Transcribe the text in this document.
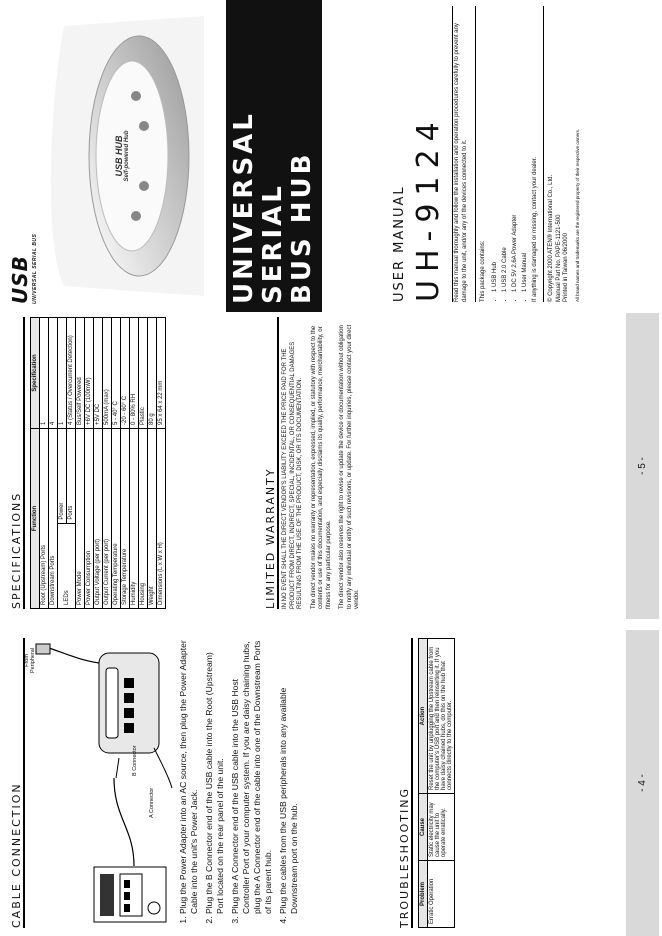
CABLE CONNECTION	A Connector
B Connector
From Peripheral	1. Plug the Power Adapter into an AC source, then plug the Power Adapter Cable into the unit's Power Jack. 2. Plug the B Connector end of the USB cable into the Root (Upstream) Port located on the rear panel of the unit. 3. Plug the A Connector end of the USB cable into the USB Host Controller Port of your computer system. If you are daisy chaining hubs, plug the A Connector end of the cable into one of the Downstream Ports of its parent hub. 4. Plug the cables from the USB peripherals into any available Downstream port on the hub.	TROUBLESHOOTING Problem	Cause	Action
Erratic Operation	Static electricity may cause the unit to operate erratically.	Reset the unit by unplugging the Upstream cable from the computer's USB port and then reinserting it. If you have daisy chained hubs, do this on the hub that connects directly to the computer.	- 4 -

SPECIFICATIONS Function		Specification
Root (Upstream) Ports		1
Downstream Ports		4
LEDs	Power	1
	Ports	4 (Status / Overcurrent Detection)
Power Mode		Bus/Self Powered
Power Consumption		+6V DC (100mW)
Output Voltage (per port)		+5V DC
Output Current (per port)		500mA (max)
Operating Temperature		5 - 40° C
Storage Temperature		-20 - 60° C
Humidity		0 - 80% RH
Housing		Plastic
Weight		80 g
Dimensions (L x W x H)		95 x 64 x 22 mm

LIMITED WARRANTY IN NO EVENT SHALL THE DIRECT VENDOR'S LIABILITY EXCEED THE PRICE PAID FOR THE PRODUCT FROM DIRECT, INDIRECT, SPECIAL, INCIDENTAL, OR CONSEQUENTIAL DAMAGES RESULTING FROM THE USE OF THE PRODUCT, DISK, OR ITS DOCUMENTATION. The direct vendor makes no warranty or representation, expressed, implied, or statutory with respect to the contents or use of this documentation, and especially disclaims its quality, performance, merchantability, or fitness for any particular purpose. The direct vendor also reserves the right to revise or update the device or documentation without obligation to notify any individual or entity of such revisions, or update. For further inquiries, please contact your direct vendor.

- 5 -
USB UNIVERSAL SERIAL BUS
USB HUB Self-powered Hub	UNIVERSAL SERIAL BUS HUB	USER MANUAL UH-9124 Read this manual thoroughly and follow the installation and operation procedures carefully to prevent any damage to the unit, and/or any of the devices connected to it. This package contains: • 1 USB Hub • 1 USB 2.0 Cable • 1 DC 5V 2.6A Power Adapter • 1 User Manual If anything is damaged or missing, contact your dealer. © Copyright 2000 ATEN® International Co., Ltd. Manual Part No. PAPE-1121-500 Printed in Taiwan 06/2000	All brand names and trademarks are the registered property of their respective owners.
